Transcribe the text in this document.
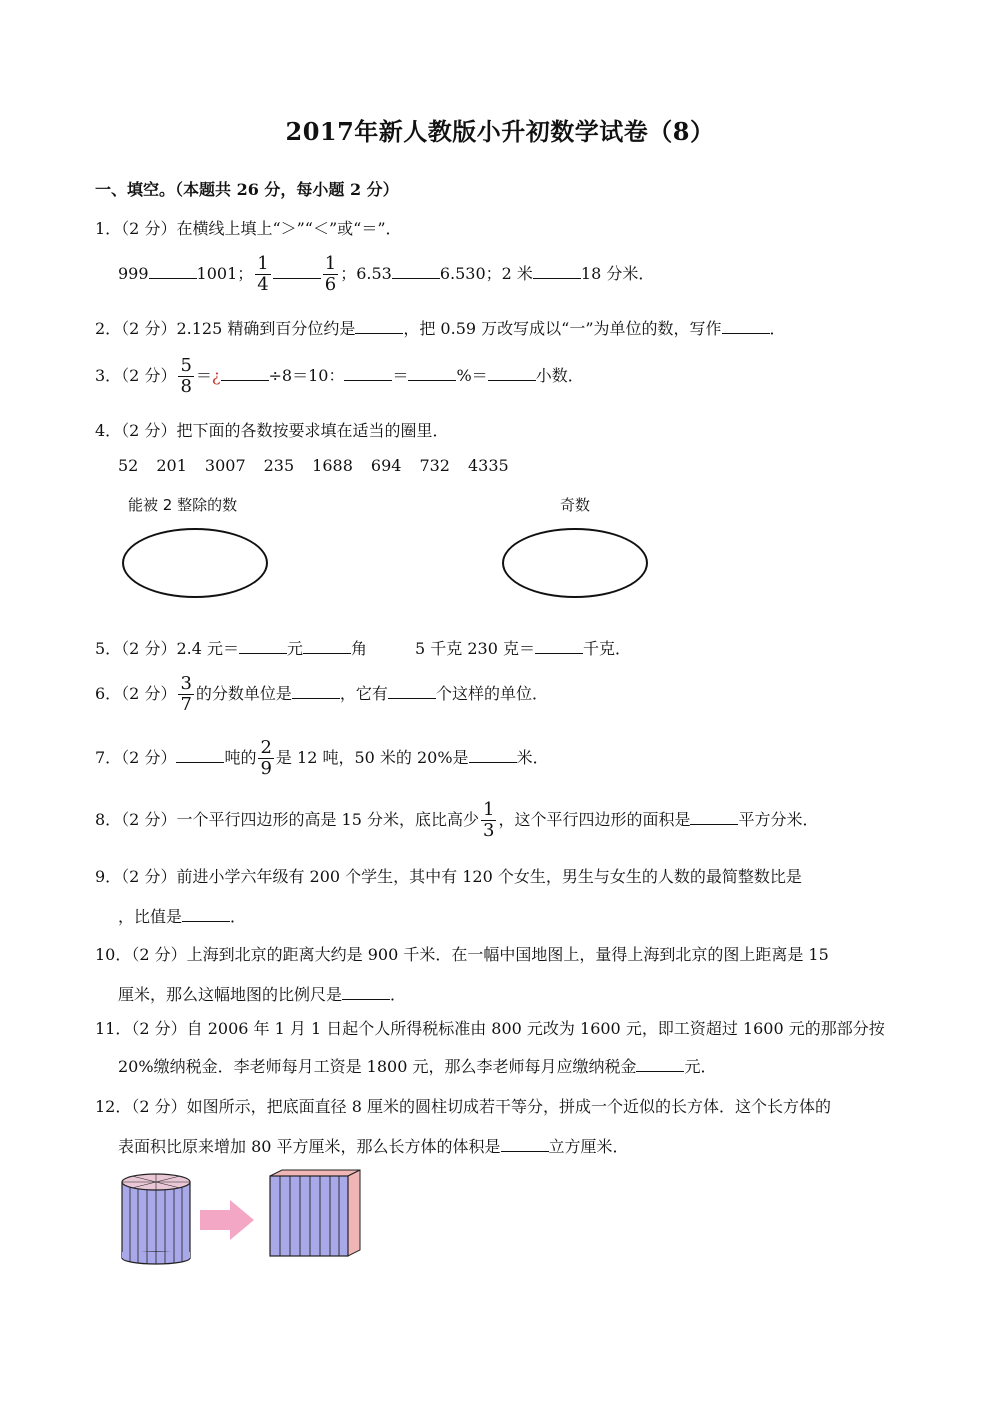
2017年新人教版小升初数学试卷（8）
一、填空。（本题共 26 分，每小题 2 分）
1．（2 分）在横线上填上“＞”“＜”或“＝”．
999	1001； $\frac{1}{4}$	$\frac{1}{6}$ ；6.53	6.530；2 米	18 分米．
2．（2 分）2.125 精确到百分位约是	，把 0.59 万改写成以“一”为单位的数，写作	．
3．（2 分） $\frac{5}{8}$ ＝¿	÷8＝10：	＝	%＝	小数．
4．（2 分）把下面的各数按要求填在适当的圈里．
52 201 3007 235 1688 694 732 4335
能被 2 整除的数	奇数
5．（2 分）2.4 元＝	元	角	5 千克 230 克＝	千克．
6．（2 分） $\frac{3}{7}$ 的分数单位是	，它有	个这样的单位．
7．（2 分）	吨的 $\frac{2}{9}$ 是 12 吨，50 米的 20%是	米．
8．（2 分）一个平行四边形的高是 15 分米，底比高少 $\frac{1}{3}$ ，这个平行四边形的面积是	平方分米．
9．（2 分）前进小学六年级有 200 个学生，其中有 120 个女生，男生与女生的人数的最简整数比是
，比值是	．
10．（2 分）上海到北京的距离大约是 900 千米．在一幅中国地图上，量得上海到北京的图上距离是 15
厘米，那么这幅地图的比例尺是	．
11．（2 分）自 2006 年 1 月 1 日起个人所得税标准由 800 元改为 1600 元，即工资超过 1600 元的那部分按
20%缴纳税金．李老师每月工资是 1800 元，那么李老师每月应缴纳税金	元．
12．（2 分）如图所示，把底面直径 8 厘米的圆柱切成若干等分，拼成一个近似的长方体．这个长方体的
表面积比原来增加 80 平方厘米，那么长方体的体积是	立方厘米．
